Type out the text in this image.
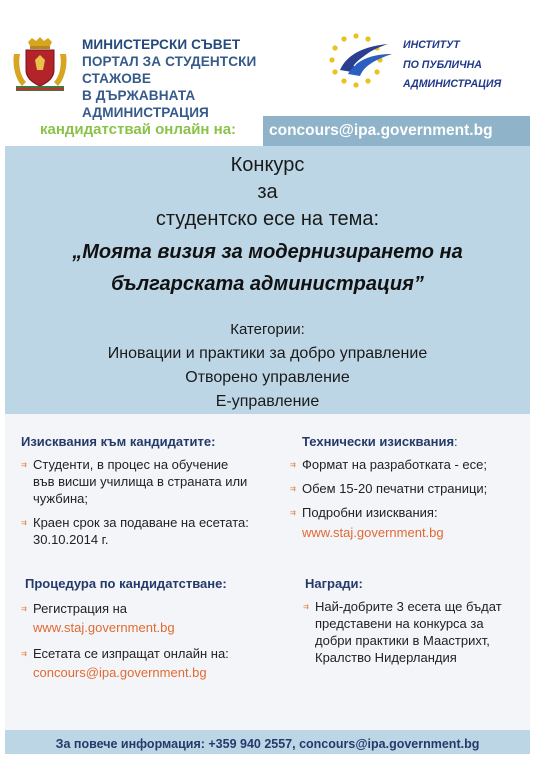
МИНИСТЕРСКИ СЪВЕТ
ПОРТАЛ ЗА СТУДЕНТСКИ СТАЖОВЕ
В ДЪРЖАВНАТА АДМИНИСТРАЦИЯ
ИНСТИТУТ
ПО ПУБЛИЧНА
АДМИНИСТРАЦИЯ
кандидатствай онлайн на:	concours@ipa.government.bg
Конкурс
за
студентско есе на тема:
„Моята визия за модернизирането на
българската администрация”
Категории:
Иновации и практики за добро управление
Отворено управление
Е-управление
Изисквания към кандидатите:
⇉ Студенти, в процес на обучение
във висши училища в страната или
чужбина;
⇉ Краен срок за подаване на есетата:
30.10.2014 г.
Технически изисквания:
⇉ Формат на разработката - есе;
⇉ Обем 15-20 печатни страници;
⇉ Подробни изисквания:
www.staj.government.bg
Процедура по кандидатстване:
⇉ Регистрация на
www.staj.government.bg
⇉ Есетата се изпращат онлайн на:
concours@ipa.government.bg
Награди:
⇉ Най-добрите 3 есета ще бъдат
представени на конкурса за
добри практики в Маастрихт,
Кралство Нидерландия
За повече информация: +359 940 2557, concours@ipa.government.bg
